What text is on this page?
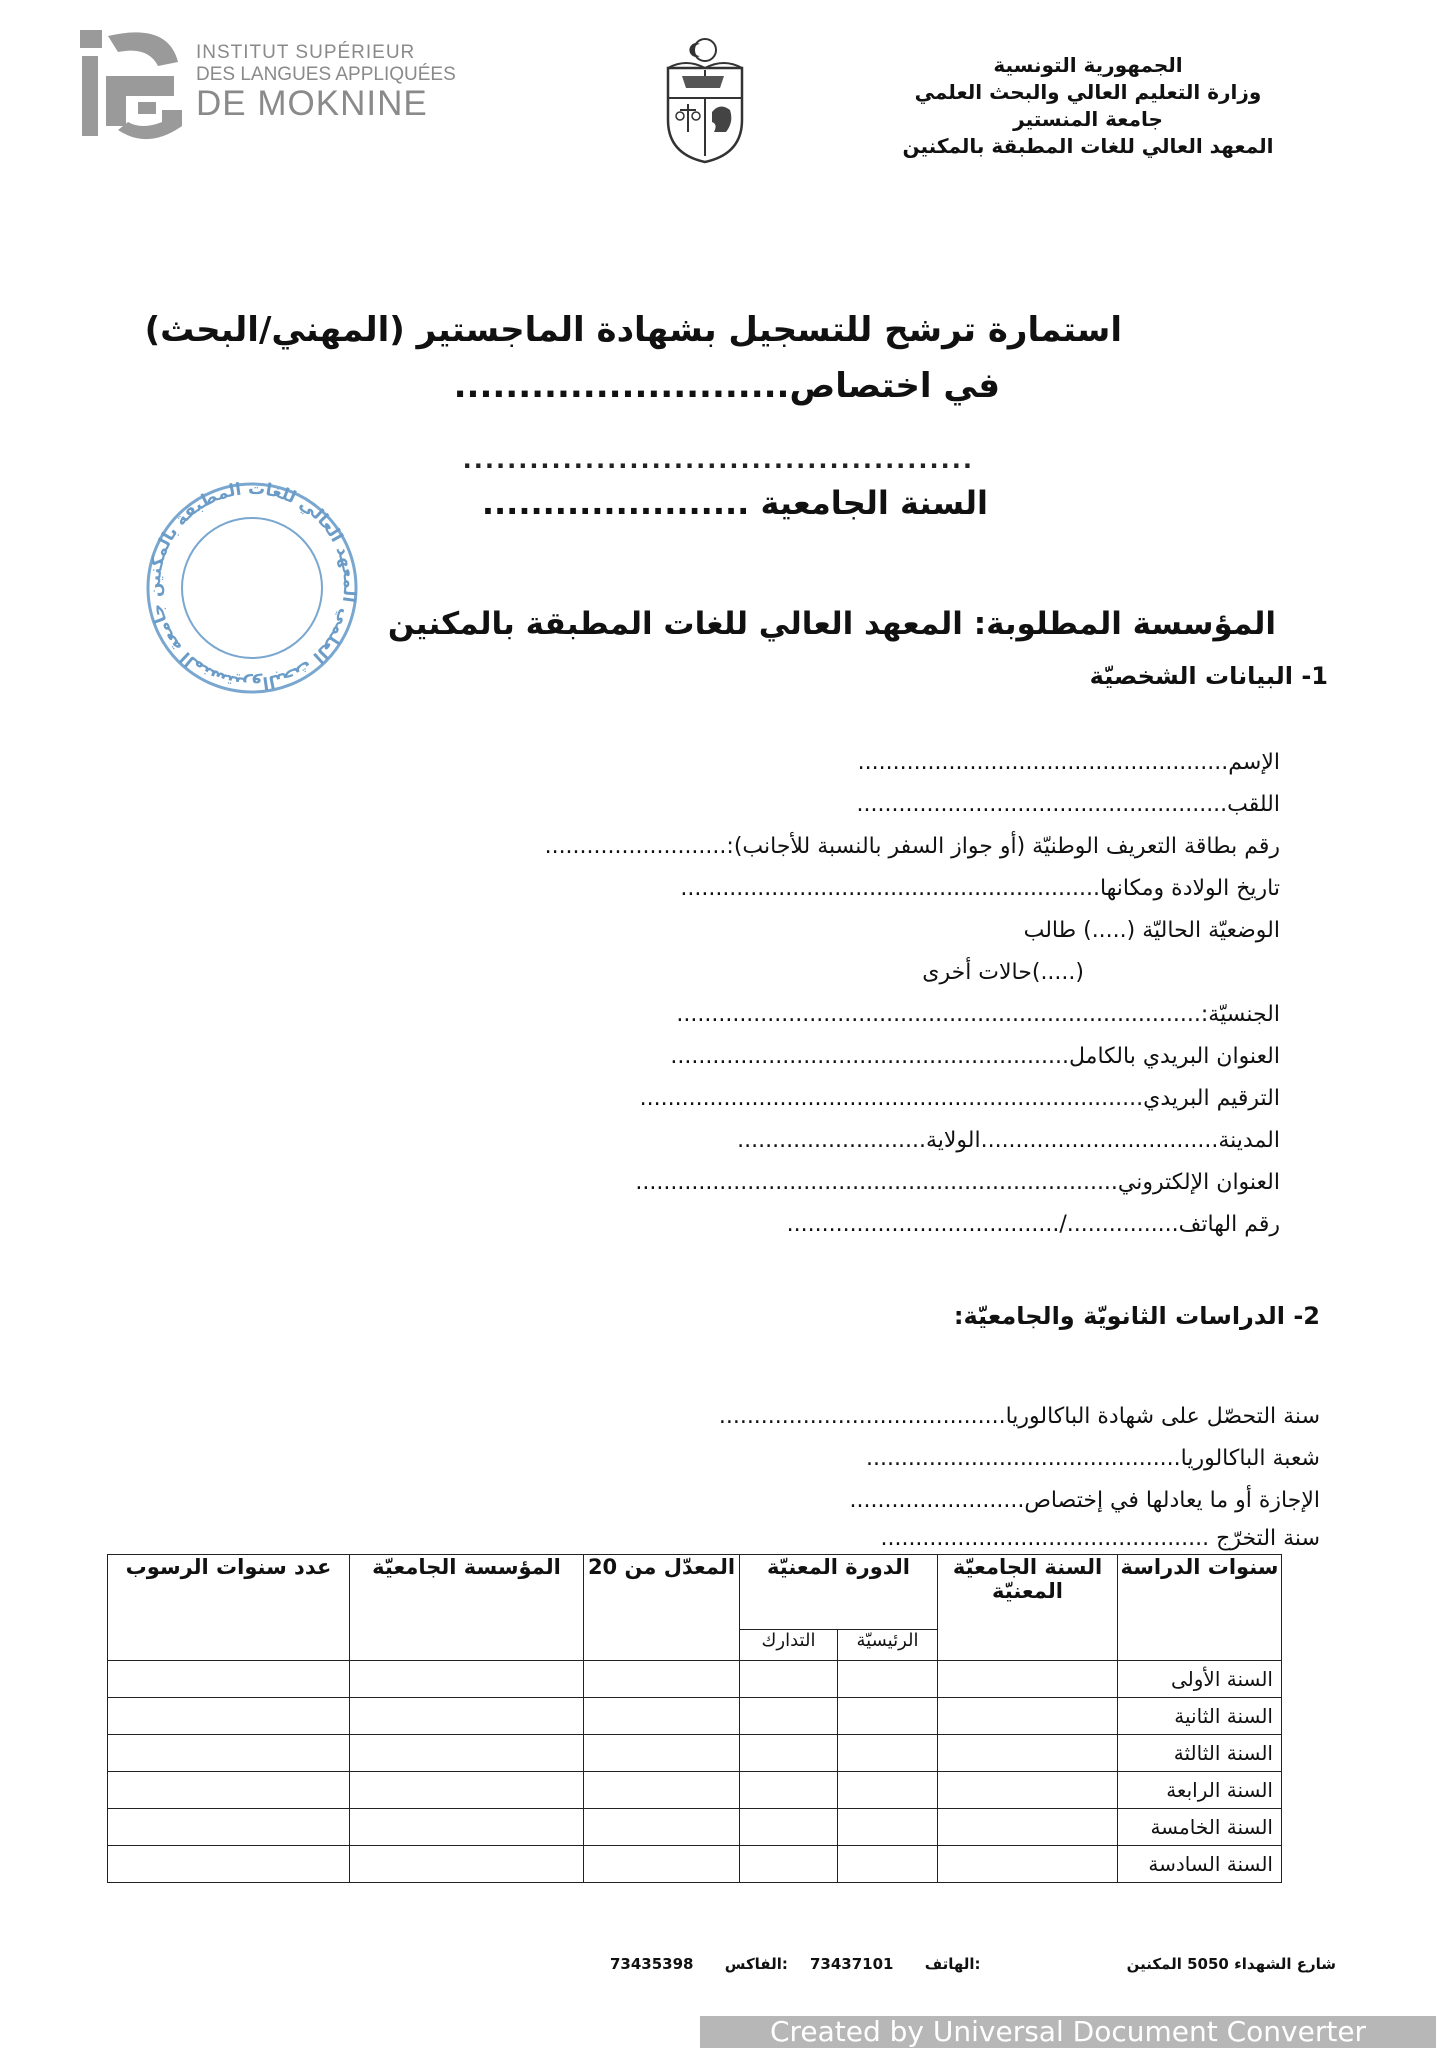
الجمهورية التونسية
وزارة التعليم العالي والبحث العلمي
جامعة المنستير
المعهد العالي للغات المطبقة بالمكنين
INSTITUT SUPÉRIEUR
DES LANGUES APPLIQUÉES
DE MOKNINE
والبحث العلمي المعهد العالي للغات المطبقة بالمكنين جامعة المنستير
استمارة ترشح للتسجيل بشهادة الماجستير (المهني/البحث)
في اختصاص..........................
..............................................
السنة الجامعية ......................
المؤسسة المطلوبة: المعهد العالي للغات المطبقة بالمكنين
1- البيانات الشخصيّة
الإسم.....................................................
اللقب.....................................................
رقم بطاقة التعريف الوطنيّة (أو جواز السفر بالنسبة للأجانب):..........................
تاريخ الولادة ومكانها............................................................
الوضعيّة الحاليّة (.....) طالب
(.....)حالات أخرى
الجنسيّة:...........................................................................
العنوان البريدي بالكامل.........................................................
الترقيم البريدي........................................................................
المدينة..................................الولاية...........................
العنوان الإلكتروني.....................................................................
رقم الهاتف................/.......................................
2- الدراسات الثانويّة والجامعيّة:
سنة التحصّل على شهادة الباكالوريا.........................................
شعبة الباكالوريا.............................................
الإجازة أو ما يعادلها في إختصاص.........................
سنة التخرّج ...............................................
سنوات الدراسة	السنة الجامعيّة المعنيّة	الدورة المعنيّة		المعدّل من 20	المؤسسة الجامعيّة	عدد سنوات الرسوب
		الرئيسيّة	التدارك			
السنة الأولى						
السنة الثانية						
السنة الثالثة						
السنة الرابعة						
السنة الخامسة						
السنة السادسة						
شارع الشهداء 5050 المكنين
73437101 الهاتف:
73435398 الفاكس:
Created by Universal Document Converter
